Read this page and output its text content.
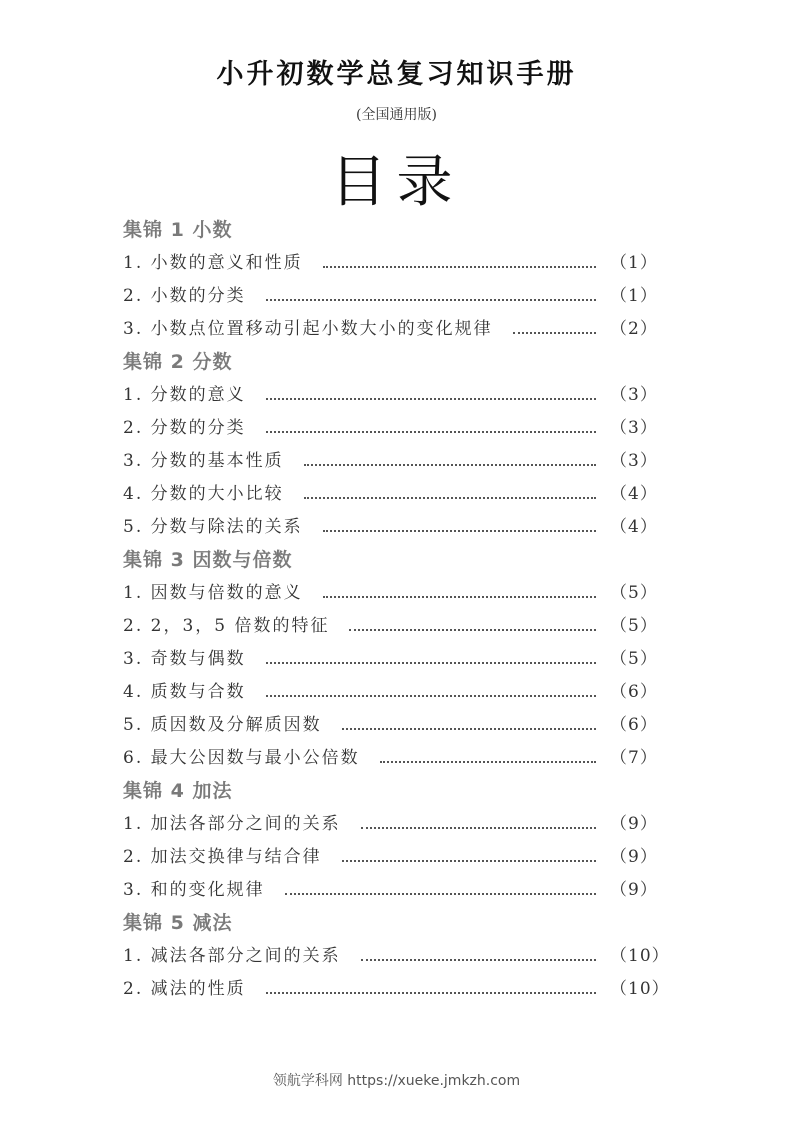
小升初数学总复习知识手册
(全国通用版)
目录
集锦 1 小数
1. 小数的意义和性质	（1）
2. 小数的分类	（1）
3. 小数点位置移动引起小数大小的变化规律	（2）
集锦 2 分数
1. 分数的意义	（3）
2. 分数的分类	（3）
3. 分数的基本性质	（3）
4. 分数的大小比较	（4）
5. 分数与除法的关系	（4）
集锦 3 因数与倍数
1. 因数与倍数的意义	（5）
2. 2，3，5 倍数的特征	（5）
3. 奇数与偶数	（5）
4. 质数与合数	（6）
5. 质因数及分解质因数	（6）
6. 最大公因数与最小公倍数	（7）
集锦 4 加法
1. 加法各部分之间的关系	（9）
2. 加法交换律与结合律	（9）
3. 和的变化规律	（9）
集锦 5 减法
1. 减法各部分之间的关系	（10）
2. 减法的性质	（10）
领航学科网 https://xueke.jmkzh.com
